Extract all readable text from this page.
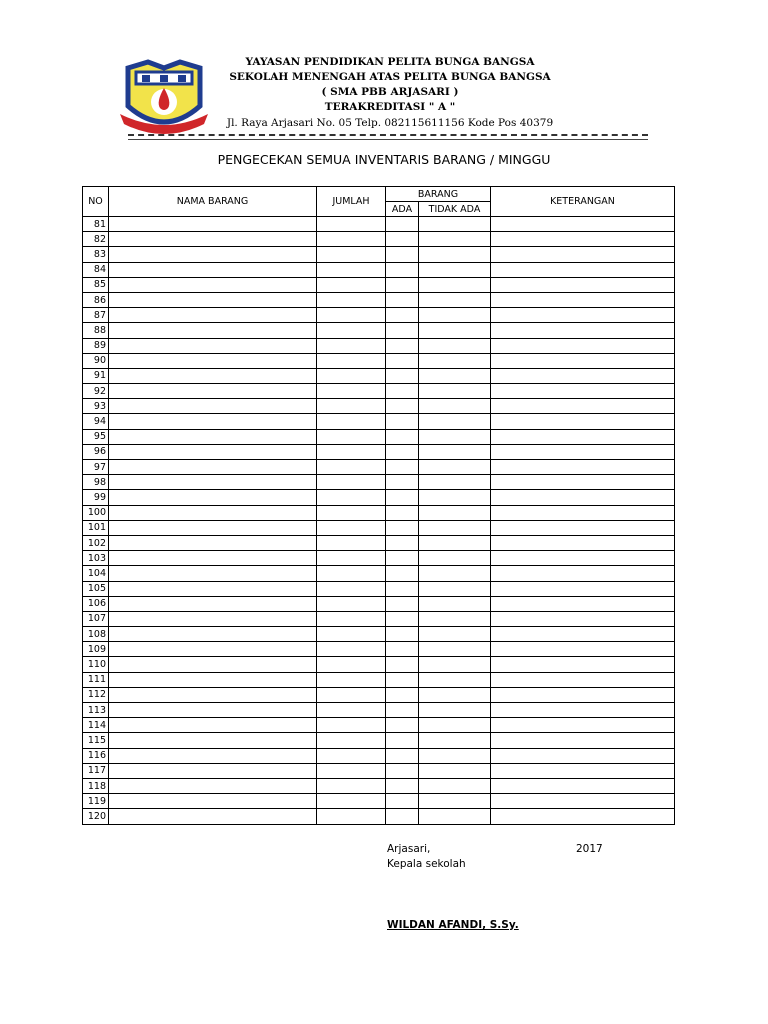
YAYASAN PENDIDIKAN PELITA BUNGA BANGSA
SEKOLAH MENENGAH ATAS PELITA BUNGA BANGSA
( SMA PBB ARJASARI )
TERAKREDITASI " A "
Jl. Raya Arjasari No. 05 Telp. 082115611156 Kode Pos 40379
PENGECEKAN SEMUA INVENTARIS BARANG / MINGGU
NO	NAMA BARANG	JUMLAH	BARANG		KETERANGAN
			ADA	TIDAK ADA	
81					
82					
83					
84					
85					
86					
87					
88					
89					
90					
91					
92					
93					
94					
95					
96					
97					
98					
99					
100					
101					
102					
103					
104					
105					
106					
107					
108					
109					
110					
111					
112					
113					
114					
115					
116					
117					
118					
119					
120					
Arjasari,	2017
Kepala sekolah
WILDAN AFANDI, S.Sy.
